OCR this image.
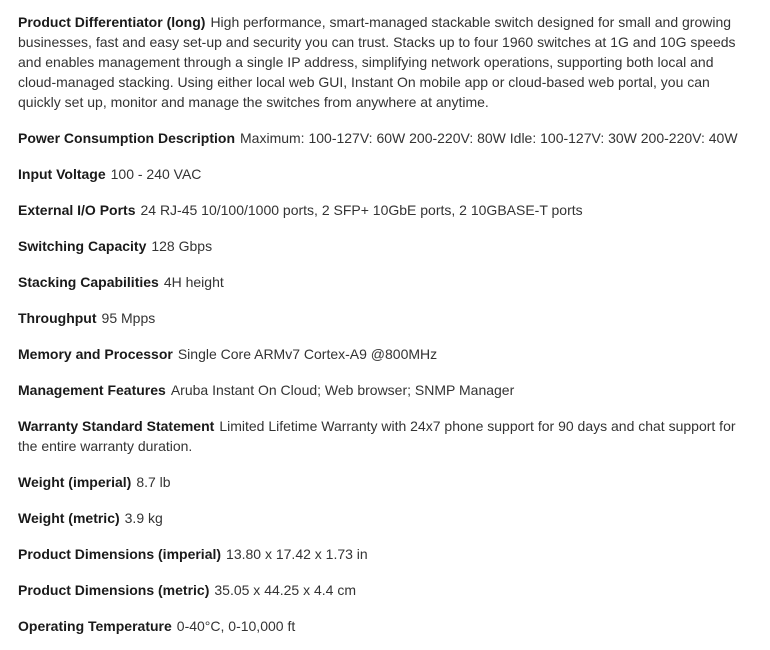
Product Differentiator (long) High performance, smart-managed stackable switch designed for small and growing businesses, fast and easy set-up and security you can trust. Stacks up to four 1960 switches at 1G and 10G speeds and enables management through a single IP address, simplifying network operations, supporting both local and cloud-managed stacking. Using either local web GUI, Instant On mobile app or cloud-based web portal, you can quickly set up, monitor and manage the switches from anywhere at anytime.

Power Consumption Description Maximum: 100-127V: 60W 200-220V: 80W Idle: 100-127V: 30W 200-220V: 40W

Input Voltage 100 - 240 VAC

External I/O Ports 24 RJ-45 10/100/1000 ports, 2 SFP+ 10GbE ports, 2 10GBASE-T ports

Switching Capacity 128 Gbps

Stacking Capabilities 4H height

Throughput 95 Mpps

Memory and Processor Single Core ARMv7 Cortex-A9 @800MHz

Management Features Aruba Instant On Cloud; Web browser; SNMP Manager

Warranty Standard Statement Limited Lifetime Warranty with 24x7 phone support for 90 days and chat support for the entire warranty duration.

Weight (imperial) 8.7 lb

Weight (metric) 3.9 kg

Product Dimensions (imperial) 13.80 x 17.42 x 1.73 in

Product Dimensions (metric) 35.05 x 44.25 x 4.4 cm

Operating Temperature 0-40°C, 0-10,000 ft
